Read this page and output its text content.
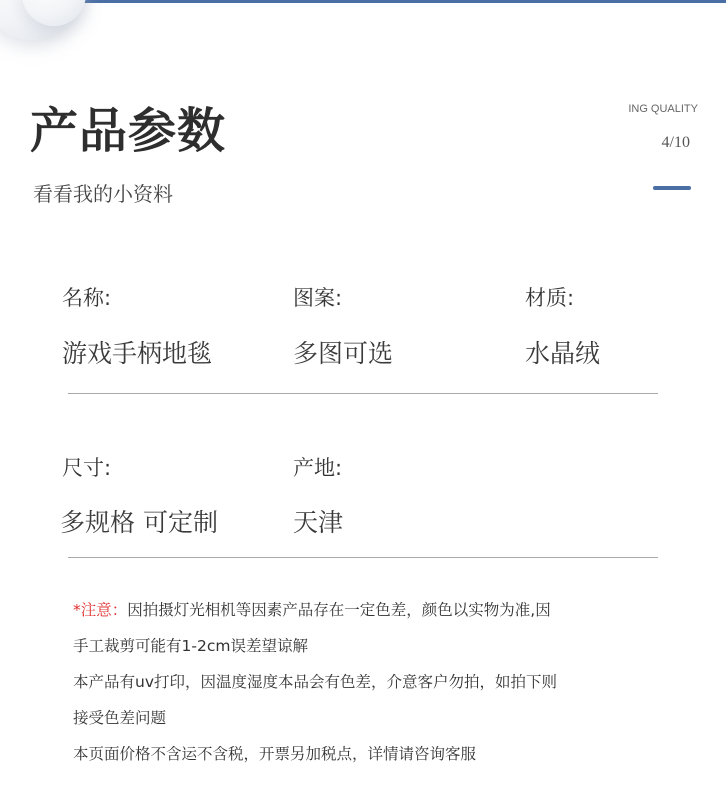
产品参数
看看我的小资料
ING QUALITY
4/10
名称:
游戏手柄地毯
图案:
多图可选
材质:
水晶绒
尺寸:
多规格 可定制
产地:
天津
*注意：因拍摄灯光相机等因素产品存在一定色差，颜色以实物为准,因
手工裁剪可能有1-2cm误差望谅解
本产品有uv打印，因温度湿度本品会有色差，介意客户勿拍，如拍下则
接受色差问题
本页面价格不含运不含税，开票另加税点，详情请咨询客服
